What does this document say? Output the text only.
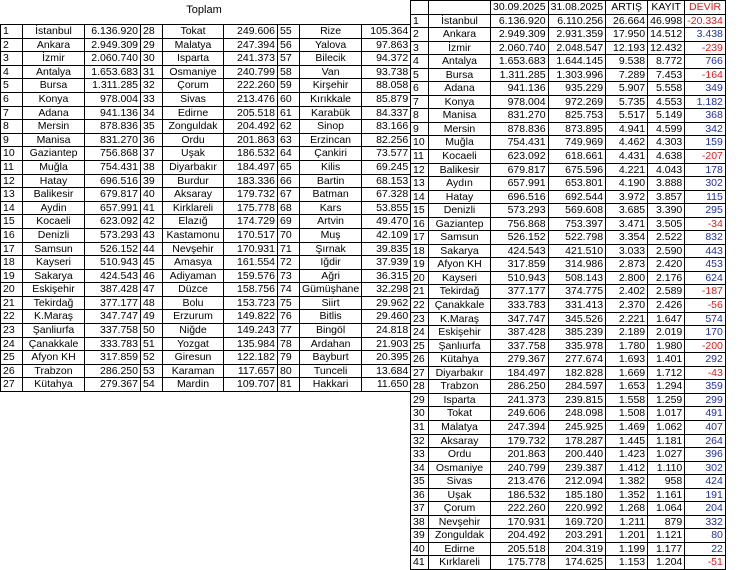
Toplam
1	İstanbul	6.136.920	28	Tokat	249.606	55	Rize	105.364
2	Ankara	2.949.309	29	Malatya	247.394	56	Yalova	97.863
3	İzmir	2.060.740	30	Isparta	241.373	57	Bilecik	94.372
4	Antalya	1.653.683	31	Osmaniye	240.799	58	Van	93.738
5	Bursa	1.311.285	32	Çorum	222.260	59	Kirşehir	88.058
6	Konya	978.004	33	Sivas	213.476	60	Kırıkkale	85.879
7	Adana	941.136	34	Edirne	205.518	61	Karabük	84.337
8	Mersin	878.836	35	Zonguldak	204.492	62	Sinop	83.166
9	Manisa	831.270	36	Ordu	201.863	63	Erzincan	82.256
10	Gaziantep	756.868	37	Uşak	186.532	64	Çankiri	73.577
11	Muğla	754.431	38	Diyarbakır	184.497	65	Kilis	69.245
12	Hatay	696.516	39	Burdur	183.336	66	Bartin	68.153
13	Balikesir	679.817	40	Aksaray	179.732	67	Batman	67.328
14	Aydin	657.991	41	Kirklareli	175.778	68	Kars	53.855
15	Kocaeli	623.092	42	Elazığ	174.729	69	Artvin	49.470
16	Denizli	573.293	43	Kastamonu	170.517	70	Muş	42.109
17	Samsun	526.152	44	Nevşehir	170.931	71	Şırnak	39.835
18	Kayseri	510.943	45	Amasya	161.554	72	Iğdir	37.939
19	Sakarya	424.543	46	Adiyaman	159.576	73	Ağri	36.315
20	Eskişehir	387.428	47	Düzce	158.756	74	Gümüşhane	32.298
21	Tekirdağ	377.177	48	Bolu	153.723	75	Siirt	29.962
22	K.Maraş	347.747	49	Erzurum	149.822	76	Bitlis	29.460
23	Şanliurfa	337.758	50	Niğde	149.243	77	Bingöl	24.818
24	Çanakkale	333.783	51	Yozgat	135.984	78	Ardahan	21.903
25	Afyon KH	317.859	52	Giresun	122.182	79	Bayburt	20.395
26	Trabzon	286.250	53	Karaman	117.657	80	Tunceli	13.684
27	Kütahya	279.367	54	Mardin	109.707	81	Hakkari	11.650
		30.09.2025	31.08.2025	ARTIŞ	KAYIT	DEVİR
1	İstanbul	6.136.920	6.110.256	26.664	46.998	-20.334
2	Ankara	2.949.309	2.931.359	17.950	14.512	3.438
3	İzmir	2.060.740	2.048.547	12.193	12.432	-239
4	Antalya	1.653.683	1.644.145	9.538	8.772	766
5	Bursa	1.311.285	1.303.996	7.289	7.453	-164
6	Adana	941.136	935.229	5.907	5.558	349
7	Konya	978.004	972.269	5.735	4.553	1.182
8	Manisa	831.270	825.753	5.517	5.149	368
9	Mersin	878.836	873.895	4.941	4.599	342
10	Muğla	754.431	749.969	4.462	4.303	159
11	Kocaeli	623.092	618.661	4.431	4.638	-207
12	Balikesir	679.817	675.596	4.221	4.043	178
13	Aydın	657.991	653.801	4.190	3.888	302
14	Hatay	696.516	692.544	3.972	3.857	115
15	Denizli	573.293	569.608	3.685	3.390	295
16	Gaziantep	756.868	753.397	3.471	3.505	-34
17	Samsun	526.152	522.798	3.354	2.522	832
18	Sakarya	424.543	421.510	3.033	2.590	443
19	Afyon KH	317.859	314.986	2.873	2.420	453
20	Kayseri	510.943	508.143	2.800	2.176	624
21	Tekirdağ	377.177	374.775	2.402	2.589	-187
22	Çanakkale	333.783	331.413	2.370	2.426	-56
23	K.Maraş	347.747	345.526	2.221	1.647	574
24	Eskişehir	387.428	385.239	2.189	2.019	170
25	Şanlıurfa	337.758	335.978	1.780	1.980	-200
26	Kütahya	279.367	277.674	1.693	1.401	292
27	Diyarbakır	184.497	182.828	1.669	1.712	-43
28	Trabzon	286.250	284.597	1.653	1.294	359
29	Isparta	241.373	239.815	1.558	1.259	299
30	Tokat	249.606	248.098	1.508	1.017	491
31	Malatya	247.394	245.925	1.469	1.062	407
32	Aksaray	179.732	178.287	1.445	1.181	264
33	Ordu	201.863	200.440	1.423	1.027	396
34	Osmaniye	240.799	239.387	1.412	1.110	302
35	Sivas	213.476	212.094	1.382	958	424
36	Uşak	186.532	185.180	1.352	1.161	191
37	Çorum	222.260	220.992	1.268	1.064	204
38	Nevşehir	170.931	169.720	1.211	879	332
39	Zonguldak	204.492	203.291	1.201	1.121	80
40	Edirne	205.518	204.319	1.199	1.177	22
41	Kırklareli	175.778	174.625	1.153	1.204	-51
